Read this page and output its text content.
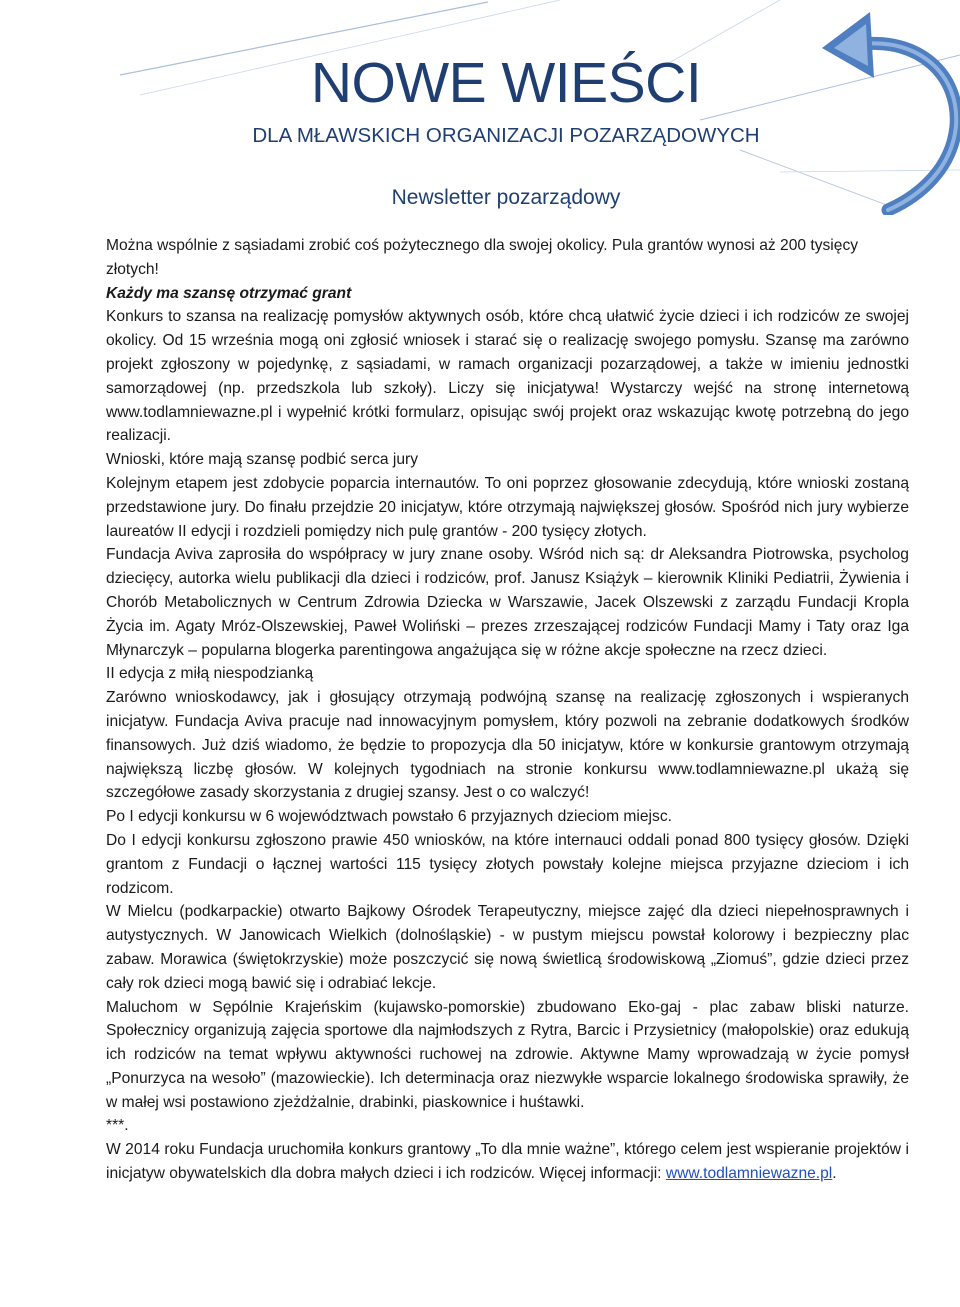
NOWE WIEŚCI
DLA MŁAWSKICH ORGANIZACJI POZARZĄDOWYCH
Newsletter pozarządowy

Można wspólnie z sąsiadami zrobić coś pożytecznego dla swojej okolicy. Pula grantów wynosi aż 200 tysięcy złotych!

Każdy ma szansę otrzymać grant

Konkurs to szansa na realizację pomysłów aktywnych osób, które chcą ułatwić życie dzieci i ich rodziców ze swojej okolicy. Od 15 września mogą oni zgłosić wniosek i starać się o realizację swojego pomysłu. Szansę ma zarówno projekt zgłoszony w pojedynkę, z sąsiadami, w ramach organizacji pozarządowej, a także w imieniu jednostki samorządowej (np. przedszkola lub szkoły). Liczy się inicjatywa! Wystarczy wejść na stronę internetową www.todlamniewazne.pl i wypełnić krótki formularz, opisując swój projekt oraz wskazując kwotę potrzebną do jego realizacji.

Wnioski, które mają szansę podbić serca jury

Kolejnym etapem jest zdobycie poparcia internautów. To oni poprzez głosowanie zdecydują, które wnioski zostaną przedstawione jury. Do finału przejdzie 20 inicjatyw, które otrzymają największej głosów. Spośród nich jury wybierze laureatów II edycji i rozdzieli pomiędzy nich pulę grantów - 200 tysięcy złotych.

Fundacja Aviva zaprosiła do współpracy w jury znane osoby. Wśród nich są: dr Aleksandra Piotrowska, psycholog dziecięcy, autorka wielu publikacji dla dzieci i rodziców, prof. Janusz Książyk – kierownik Kliniki Pediatrii, Żywienia i Chorób Metabolicznych w Centrum Zdrowia Dziecka w Warszawie, Jacek Olszewski z zarządu Fundacji Kropla Życia im. Agaty Mróz-Olszewskiej, Paweł Woliński – prezes zrzeszającej rodziców Fundacji Mamy i Taty oraz Iga Młynarczyk – popularna blogerka parentingowa angażująca się w różne akcje społeczne na rzecz dzieci.

II edycja z miłą niespodzianką

Zarówno wnioskodawcy, jak i głosujący otrzymają podwójną szansę na realizację zgłoszonych i wspieranych inicjatyw. Fundacja Aviva pracuje nad innowacyjnym pomysłem, który pozwoli na zebranie dodatkowych środków finansowych. Już dziś wiadomo, że będzie to propozycja dla 50 inicjatyw, które w konkursie grantowym otrzymają największą liczbę głosów. W kolejnych tygodniach na stronie konkursu www.todlamniewazne.pl ukażą się szczegółowe zasady skorzystania z drugiej szansy. Jest o co walczyć!

Po I edycji konkursu w 6 województwach powstało 6 przyjaznych dzieciom miejsc.

Do I edycji konkursu zgłoszono prawie 450 wniosków, na które internauci oddali ponad 800 tysięcy głosów. Dzięki grantom z Fundacji o łącznej wartości 115 tysięcy złotych powstały kolejne miejsca przyjazne dzieciom i ich rodzicom.

W Mielcu (podkarpackie) otwarto Bajkowy Ośrodek Terapeutyczny, miejsce zajęć dla dzieci niepełnosprawnych i autystycznych. W Janowicach Wielkich (dolnośląskie) - w pustym miejscu powstał kolorowy i bezpieczny plac zabaw. Morawica (świętokrzyskie) może poszczycić się nową świetlicą środowiskową „Ziomuś”, gdzie dzieci przez cały rok dzieci mogą bawić się i odrabiać lekcje.

Maluchom w Sępólnie Krajeńskim (kujawsko-pomorskie) zbudowano Eko-gaj - plac zabaw bliski naturze. Społecznicy organizują zajęcia sportowe dla najmłodszych z Rytra, Barcic i Przysietnicy (małopolskie) oraz edukują ich rodziców na temat wpływu aktywności ruchowej na zdrowie. Aktywne Mamy wprowadzają w życie pomysł „Ponurzyca na wesoło” (mazowieckie). Ich determinacja oraz niezwykłe wsparcie lokalnego środowiska sprawiły, że w małej wsi postawiono zjeżdżalnie, drabinki, piaskownice i huśtawki.

***.

W 2014 roku Fundacja uruchomiła konkurs grantowy „To dla mnie ważne”, którego celem jest wspieranie projektów i inicjatyw obywatelskich dla dobra małych dzieci i ich rodziców. Więcej informacji: www.todlamniewazne.pl.
